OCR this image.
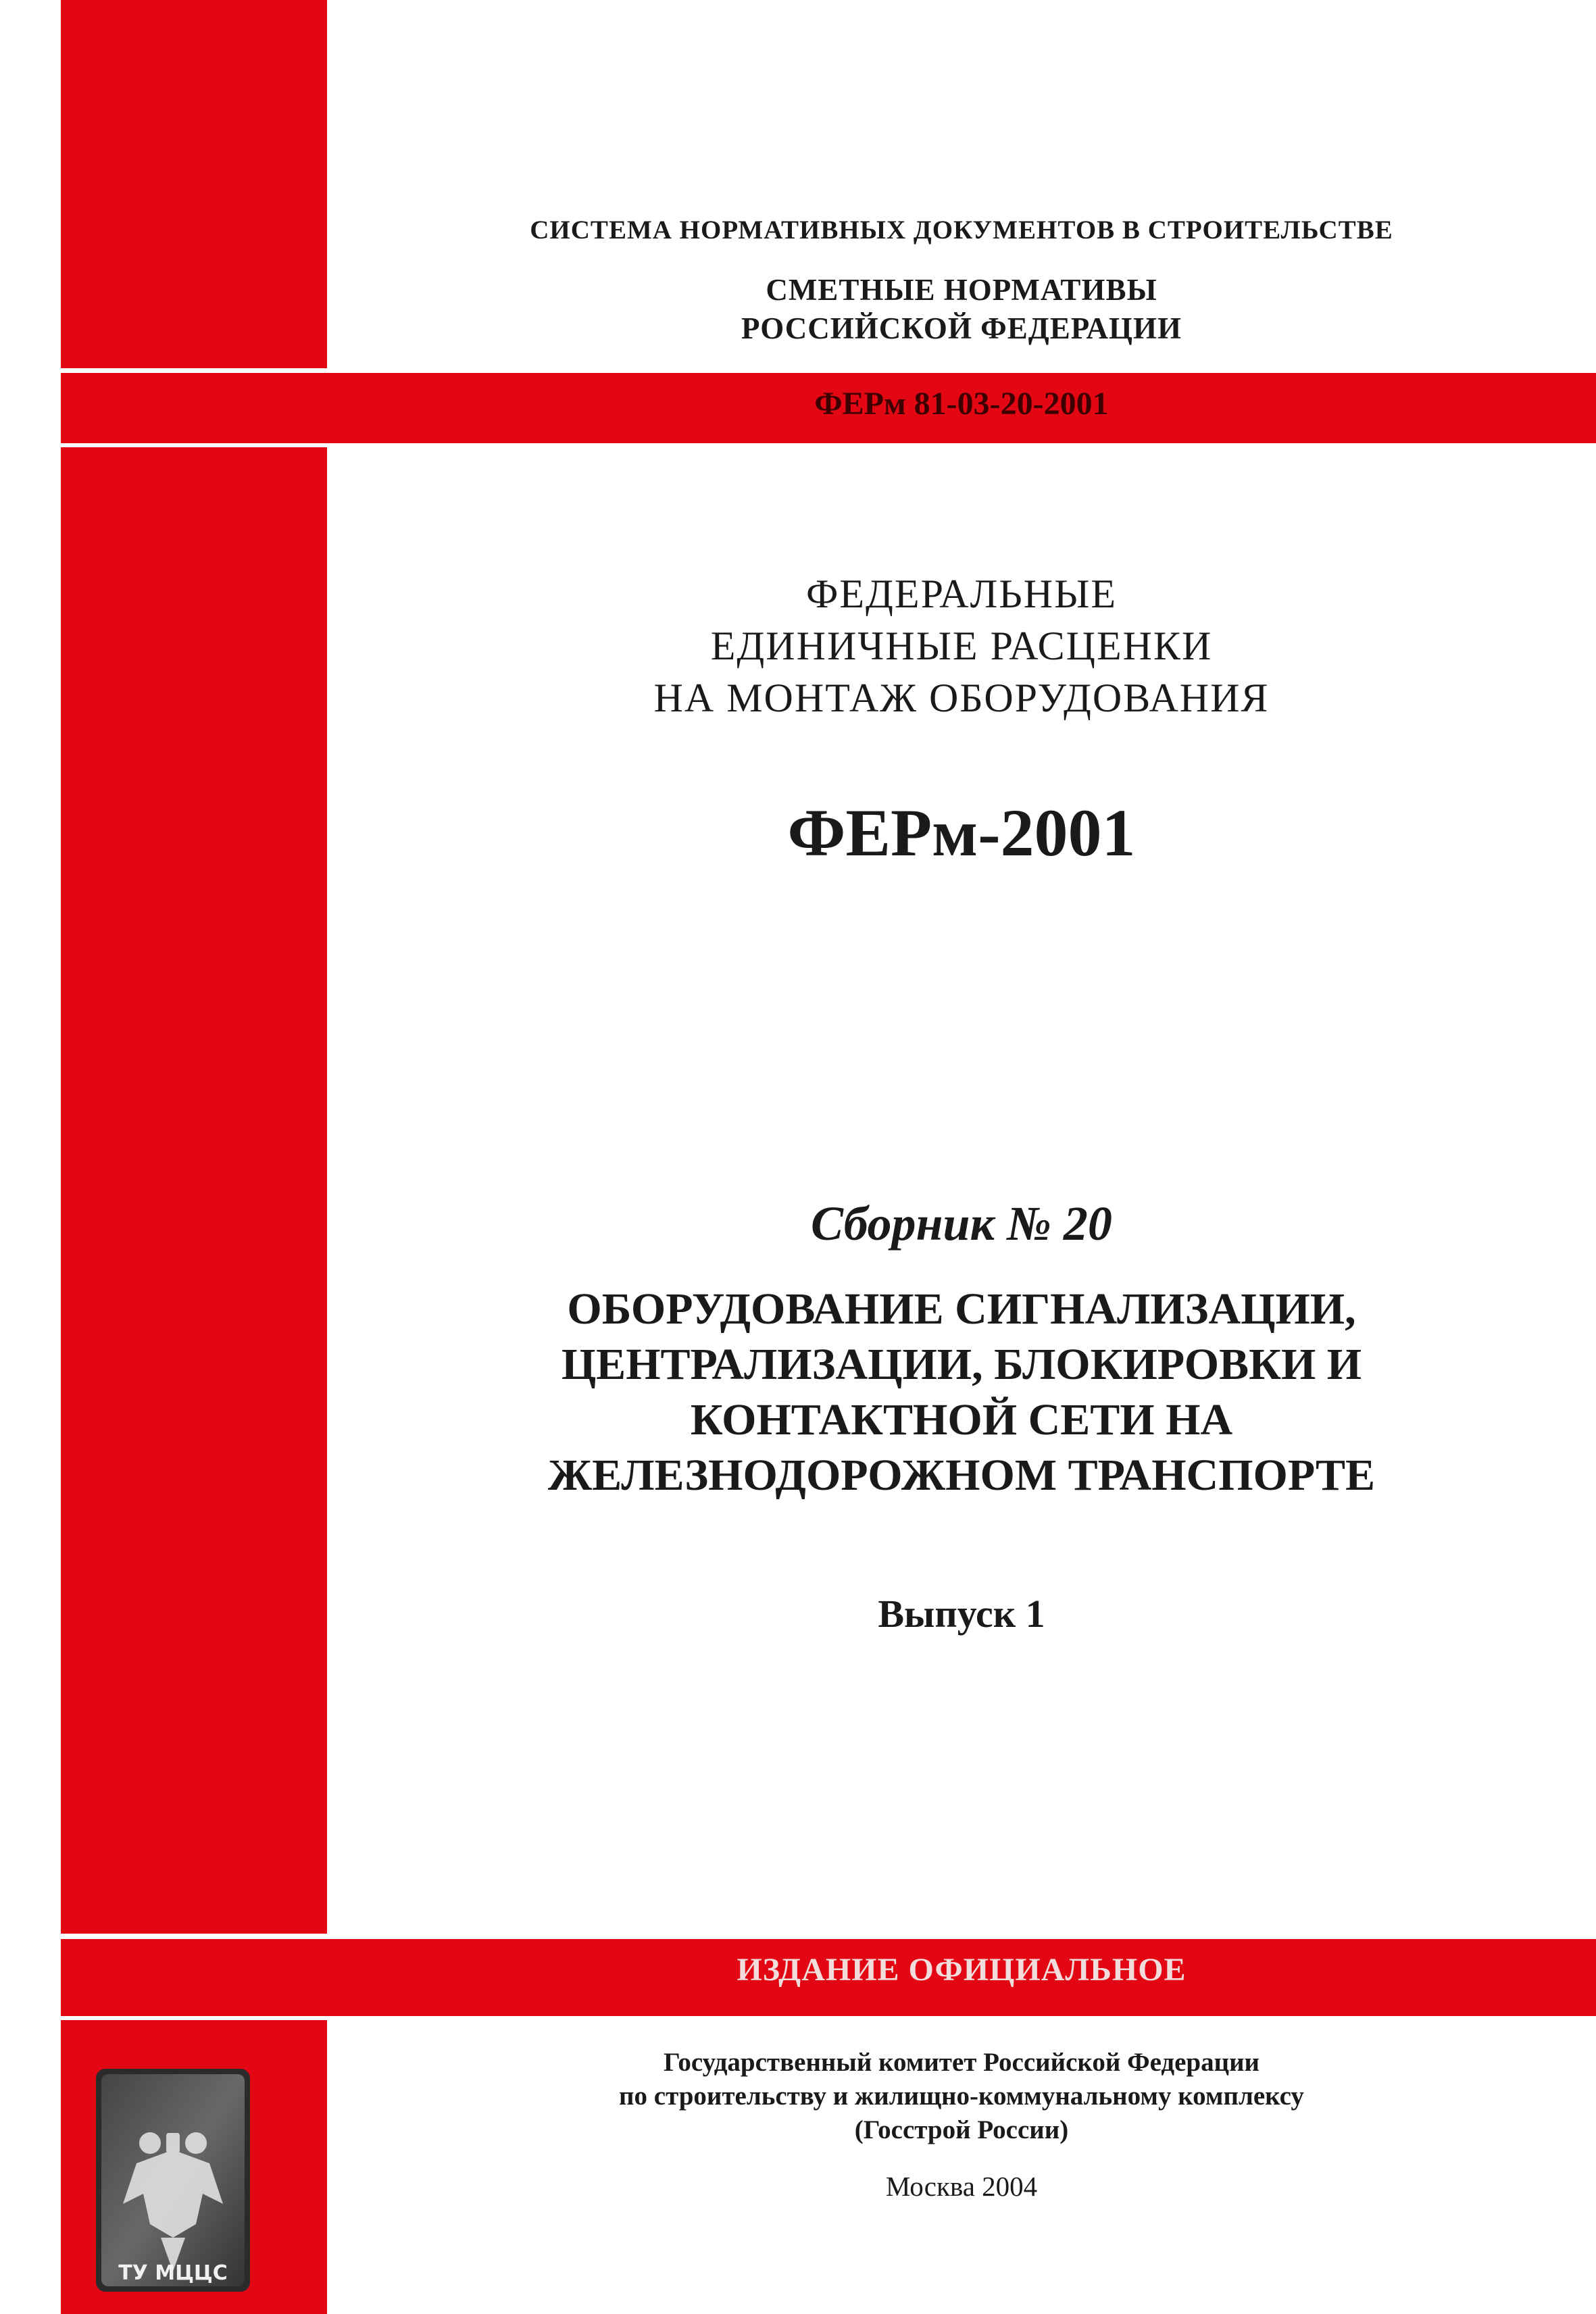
СИСТЕМА НОРМАТИВНЫХ ДОКУМЕНТОВ В СТРОИТЕЛЬСТВЕ

СМЕТНЫЕ НОРМАТИВЫ

РОССИЙСКОЙ ФЕДЕРАЦИИ

ФЕРм 81-03-20-2001

ФЕДЕРАЛЬНЫЕ

ЕДИНИЧНЫЕ РАСЦЕНКИ

НА МОНТАЖ ОБОРУДОВАНИЯ

ФЕРм-2001

Сборник № 20

ОБОРУДОВАНИЕ СИГНАЛИЗАЦИИ,

ЦЕНТРАЛИЗАЦИИ, БЛОКИРОВКИ И

КОНТАКТНОЙ СЕТИ НА

ЖЕЛЕЗНОДОРОЖНОМ ТРАНСПОРТЕ

Выпуск 1

ИЗДАНИЕ ОФИЦИАЛЬНОЕ

Государственный комитет Российской Федерации

по строительству и жилищно-коммунальному комплексу

(Госстрой России)

Москва 2004

ТУ МЦЦС
